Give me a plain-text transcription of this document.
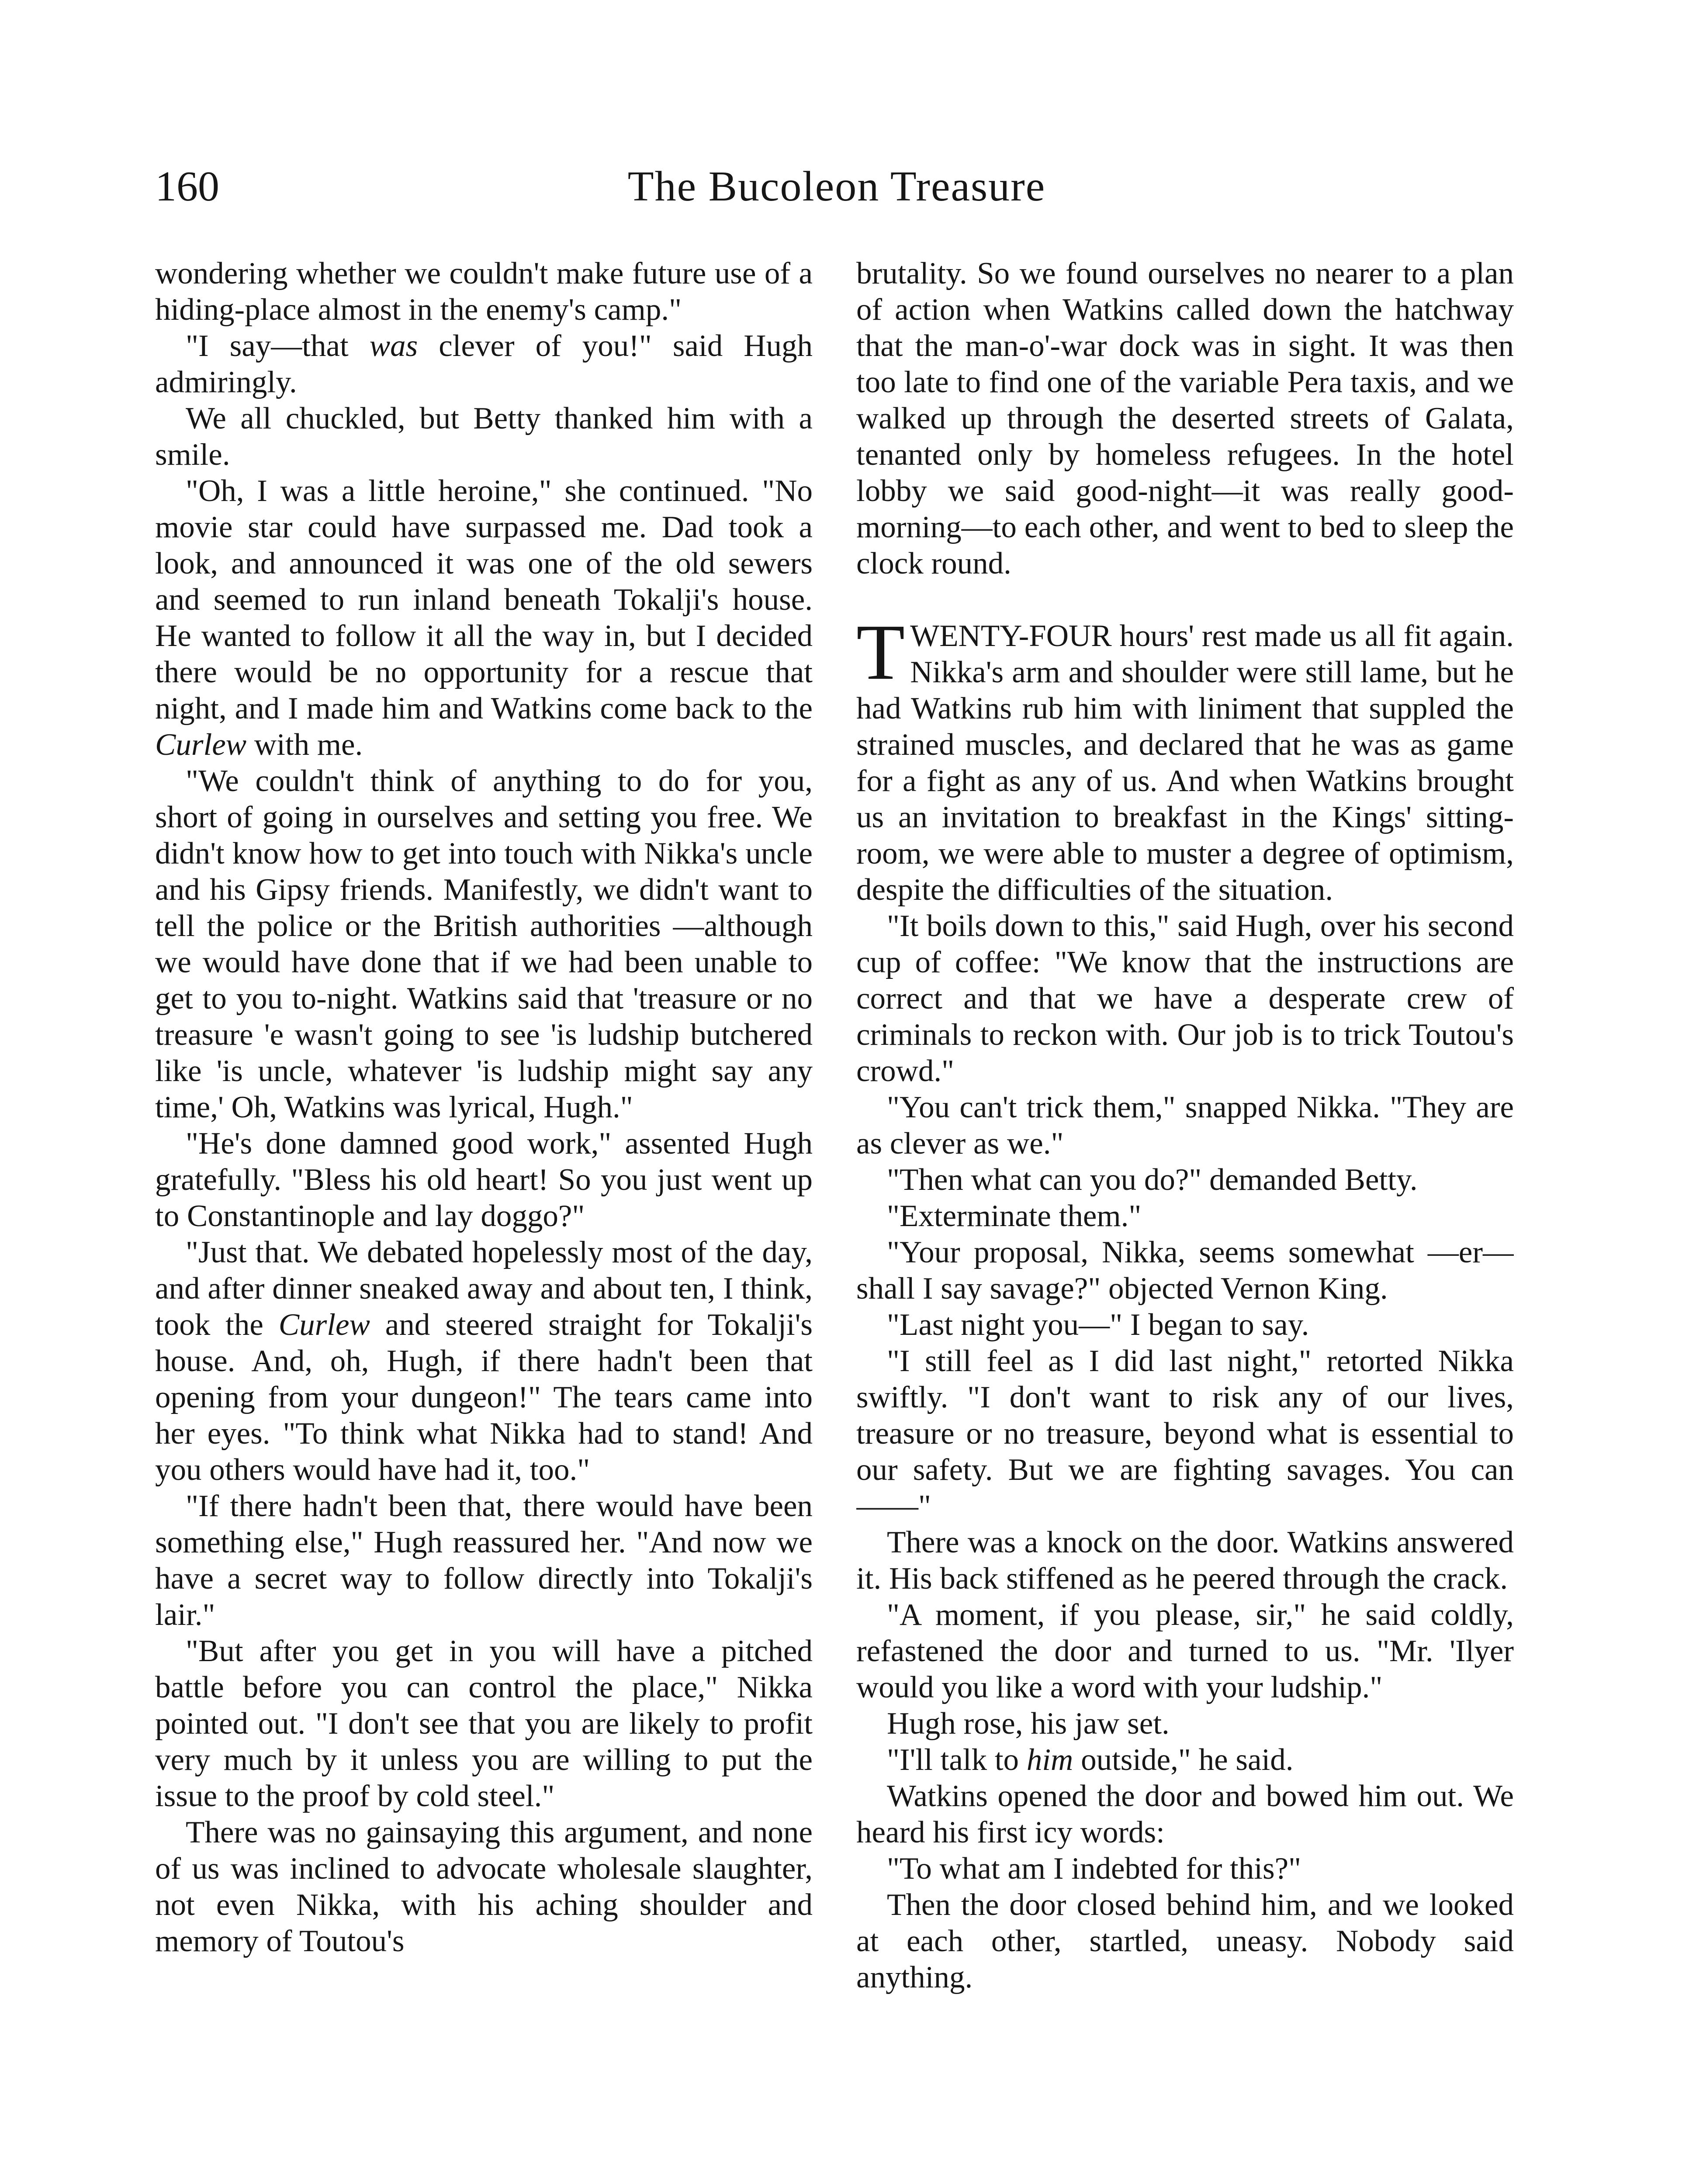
160	The Bucoleon Treasure

wondering whether we couldn't make future use of a hiding-place almost in the enemy's camp."

"I say—that was clever of you!" said Hugh admiringly.

We all chuckled, but Betty thanked him with a smile.

"Oh, I was a little heroine," she continued. "No movie star could have surpassed me. Dad took a look, and announced it was one of the old sewers and seemed to run inland beneath Tokalji's house. He wanted to follow it all the way in, but I decided there would be no opportunity for a rescue that night, and I made him and Watkins come back to the Curlew with me.

"We couldn't think of anything to do for you, short of going in ourselves and setting you free. We didn't know how to get into touch with Nikka's uncle and his Gipsy friends. Manifestly, we didn't want to tell the police or the British authorities —although we would have done that if we had been unable to get to you to-night. Watkins said that 'treasure or no treasure 'e wasn't going to see 'is ludship butchered like 'is uncle, whatever 'is ludship might say any time,' Oh, Watkins was lyrical, Hugh."

"He's done damned good work," assented Hugh gratefully. "Bless his old heart! So you just went up to Constantinople and lay doggo?"

"Just that. We debated hopelessly most of the day, and after dinner sneaked away and about ten, I think, took the Curlew and steered straight for Tokalji's house. And, oh, Hugh, if there hadn't been that opening from your dungeon!" The tears came into her eyes. "To think what Nikka had to stand! And you others would have had it, too."

"If there hadn't been that, there would have been something else," Hugh reassured her. "And now we have a secret way to follow directly into Tokalji's lair."

"But after you get in you will have a pitched battle before you can control the place," Nikka pointed out. "I don't see that you are likely to profit very much by it unless you are willing to put the issue to the proof by cold steel."

There was no gainsaying this argument, and none of us was inclined to advocate wholesale slaughter, not even Nikka, with his aching shoulder and memory of Toutou's

brutality. So we found ourselves no nearer to a plan of action when Watkins called down the hatchway that the man-o'-war dock was in sight. It was then too late to find one of the variable Pera taxis, and we walked up through the deserted streets of Galata, tenanted only by homeless refugees. In the hotel lobby we said good-night—it was really good-morning—to each other, and went to bed to sleep the clock round.

TWENTY-FOUR hours' rest made us all fit again. Nikka's arm and shoulder were still lame, but he had Watkins rub him with liniment that suppled the strained muscles, and declared that he was as game for a fight as any of us. And when Watkins brought us an invitation to breakfast in the Kings' sitting-room, we were able to muster a degree of optimism, despite the difficulties of the situation.

"It boils down to this," said Hugh, over his second cup of coffee: "We know that the instructions are correct and that we have a desperate crew of criminals to reckon with. Our job is to trick Toutou's crowd."

"You can't trick them," snapped Nikka. "They are as clever as we."

"Then what can you do?" demanded Betty.

"Exterminate them."

"Your proposal, Nikka, seems somewhat —er—shall I say savage?" objected Vernon King.

"Last night you—" I began to say.

"I still feel as I did last night," retorted Nikka swiftly. "I don't want to risk any of our lives, treasure or no treasure, beyond what is essential to our safety. But we are fighting savages. You can——"

There was a knock on the door. Watkins answered it. His back stiffened as he peered through the crack.

"A moment, if you please, sir," he said coldly, refastened the door and turned to us. "Mr. 'Ilyer would you like a word with your ludship."

Hugh rose, his jaw set.

"I'll talk to him outside," he said.

Watkins opened the door and bowed him out. We heard his first icy words:

"To what am I indebted for this?"

Then the door closed behind him, and we looked at each other, startled, uneasy. Nobody said anything.
